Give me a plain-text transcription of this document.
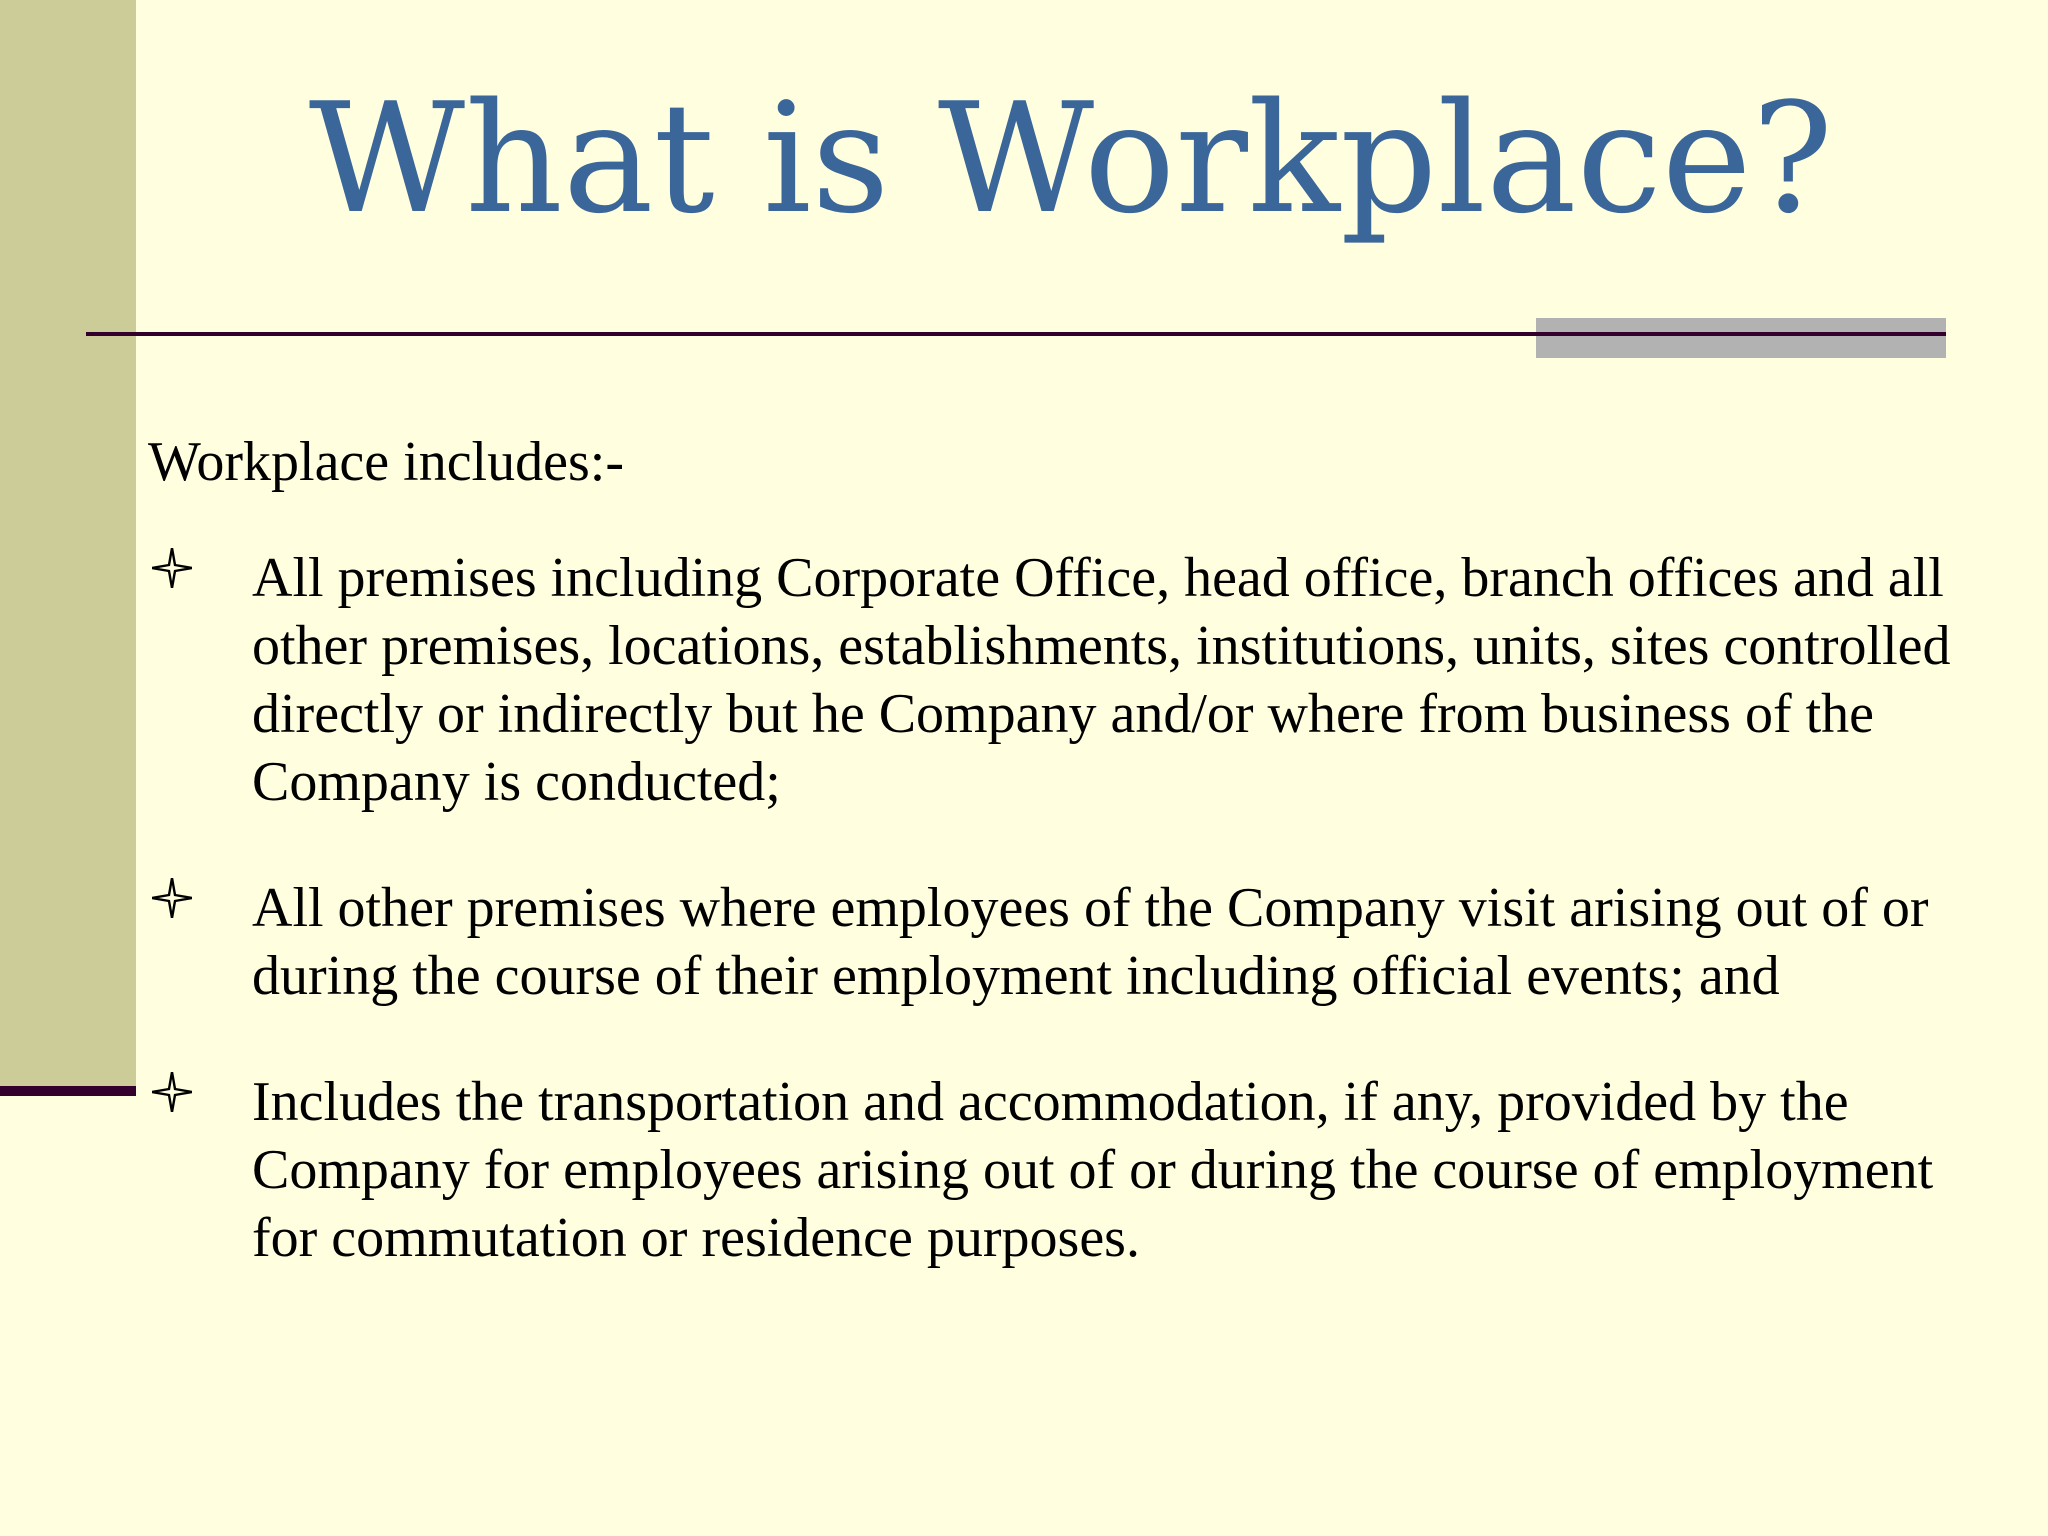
What is Workplace?

Workplace includes:-

All premises including Corporate Office, head office, branch offices and all other premises, locations, establishments, institutions, units, sites controlled directly or indirectly but he Company and/or where from business of the Company is conducted;
All other premises where employees of the Company visit arising out of or during the course of their employment including official events; and
Includes the transportation and accommodation, if any, provided by the Company for employees arising out of or during the course of employment for commutation or residence purposes.
